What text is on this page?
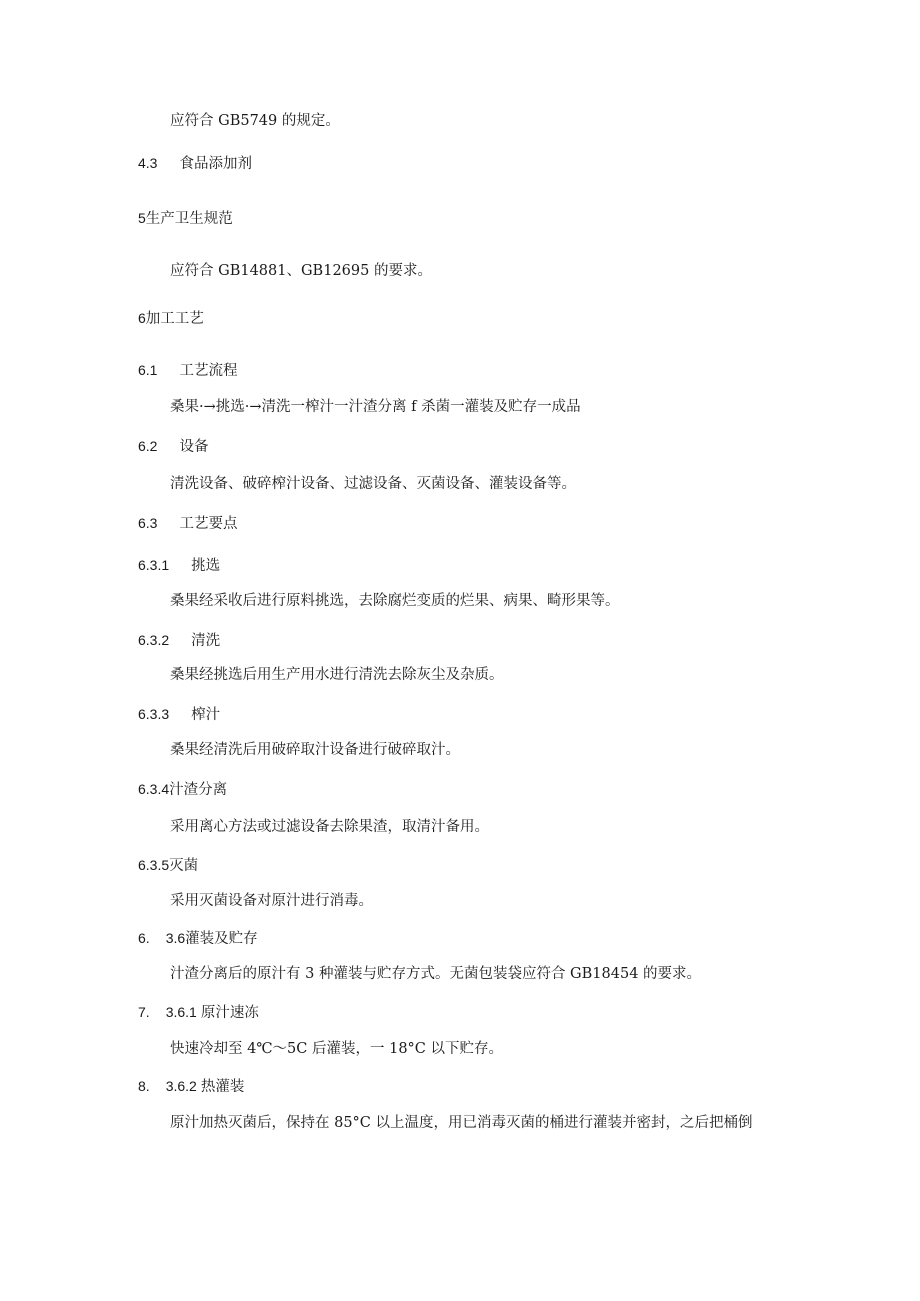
应符合 GB5749 的规定。
4.3 食品添加剂
5生产卫生规范
应符合 GB14881、GB12695 的要求。
6加工工艺
6.1 工艺流程
桑果·→挑选·→清洗一榨汁一汁渣分离 f 杀菌一灌装及贮存一成品
6.2 设备
清洗设备、破碎榨汁设备、过滤设备、灭菌设备、灌装设备等。
6.3 工艺要点
6.3.1 挑选
桑果经采收后进行原料挑选，去除腐烂变质的烂果、病果、畸形果等。
6.3.2 清洗
桑果经挑选后用生产用水进行清洗去除灰尘及杂质。
6.3.3 榨汁
桑果经清洗后用破碎取汁设备进行破碎取汁。
6.3.4汁渣分离
采用离心方法或过滤设备去除果渣，取清汁备用。
6.3.5灭菌
采用灭菌设备对原汁进行消毒。
6. 3.6灌装及贮存
汁渣分离后的原汁有 3 种灌装与贮存方式。无菌包装袋应符合 GB18454 的要求。
7. 3.6.1 原汁速冻
快速冷却至 4℃～5C 后灌装，一 18°C 以下贮存。
8. 3.6.2 热灌装
原汁加热灭菌后，保持在 85°C 以上温度，用已消毒灭菌的桶进行灌装并密封，之后把桶倒
